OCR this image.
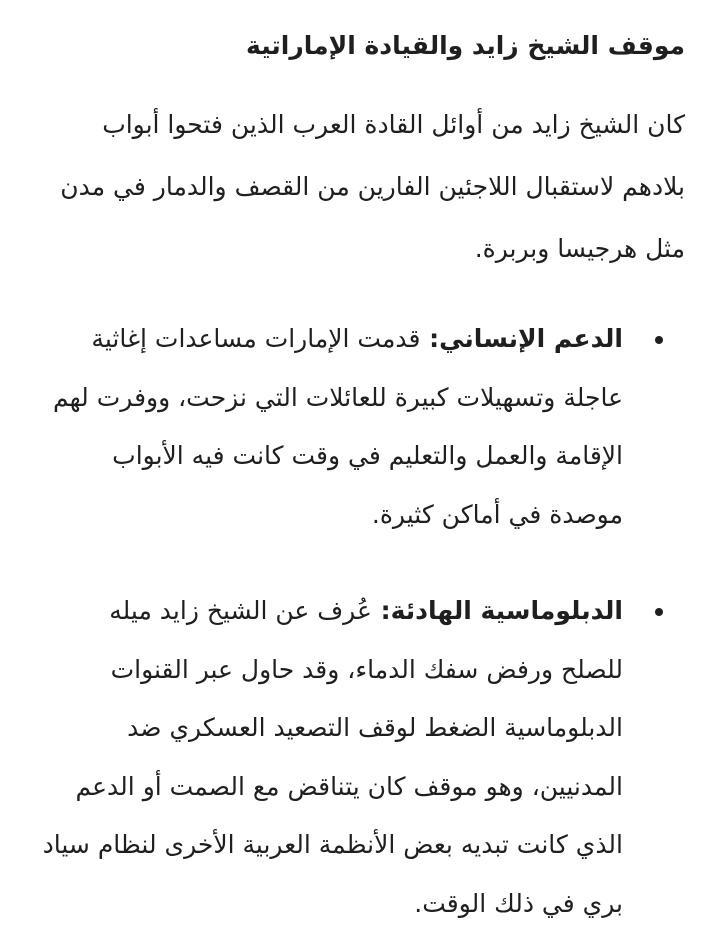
موقف الشيخ زايد والقيادة الإماراتية

كان الشيخ زايد من أوائل القادة العرب الذين فتحوا أبواب بلادهم لاستقبال اللاجئين الفارين من القصف والدمار في مدن مثل هرجيسا وبربرة.

الدعم الإنساني: قدمت الإمارات مساعدات إغاثية عاجلة وتسهيلات كبيرة للعائلات التي نزحت، ووفرت لهم الإقامة والعمل والتعليم في وقت كانت فيه الأبواب موصدة في أماكن كثيرة.
الدبلوماسية الهادئة: عُرف عن الشيخ زايد ميله للصلح ورفض سفك الدماء، وقد حاول عبر القنوات الدبلوماسية الضغط لوقف التصعيد العسكري ضد المدنيين، وهو موقف كان يتناقض مع الصمت أو الدعم الذي كانت تبديه بعض الأنظمة العربية الأخرى لنظام سياد بري في ذلك الوقت.
